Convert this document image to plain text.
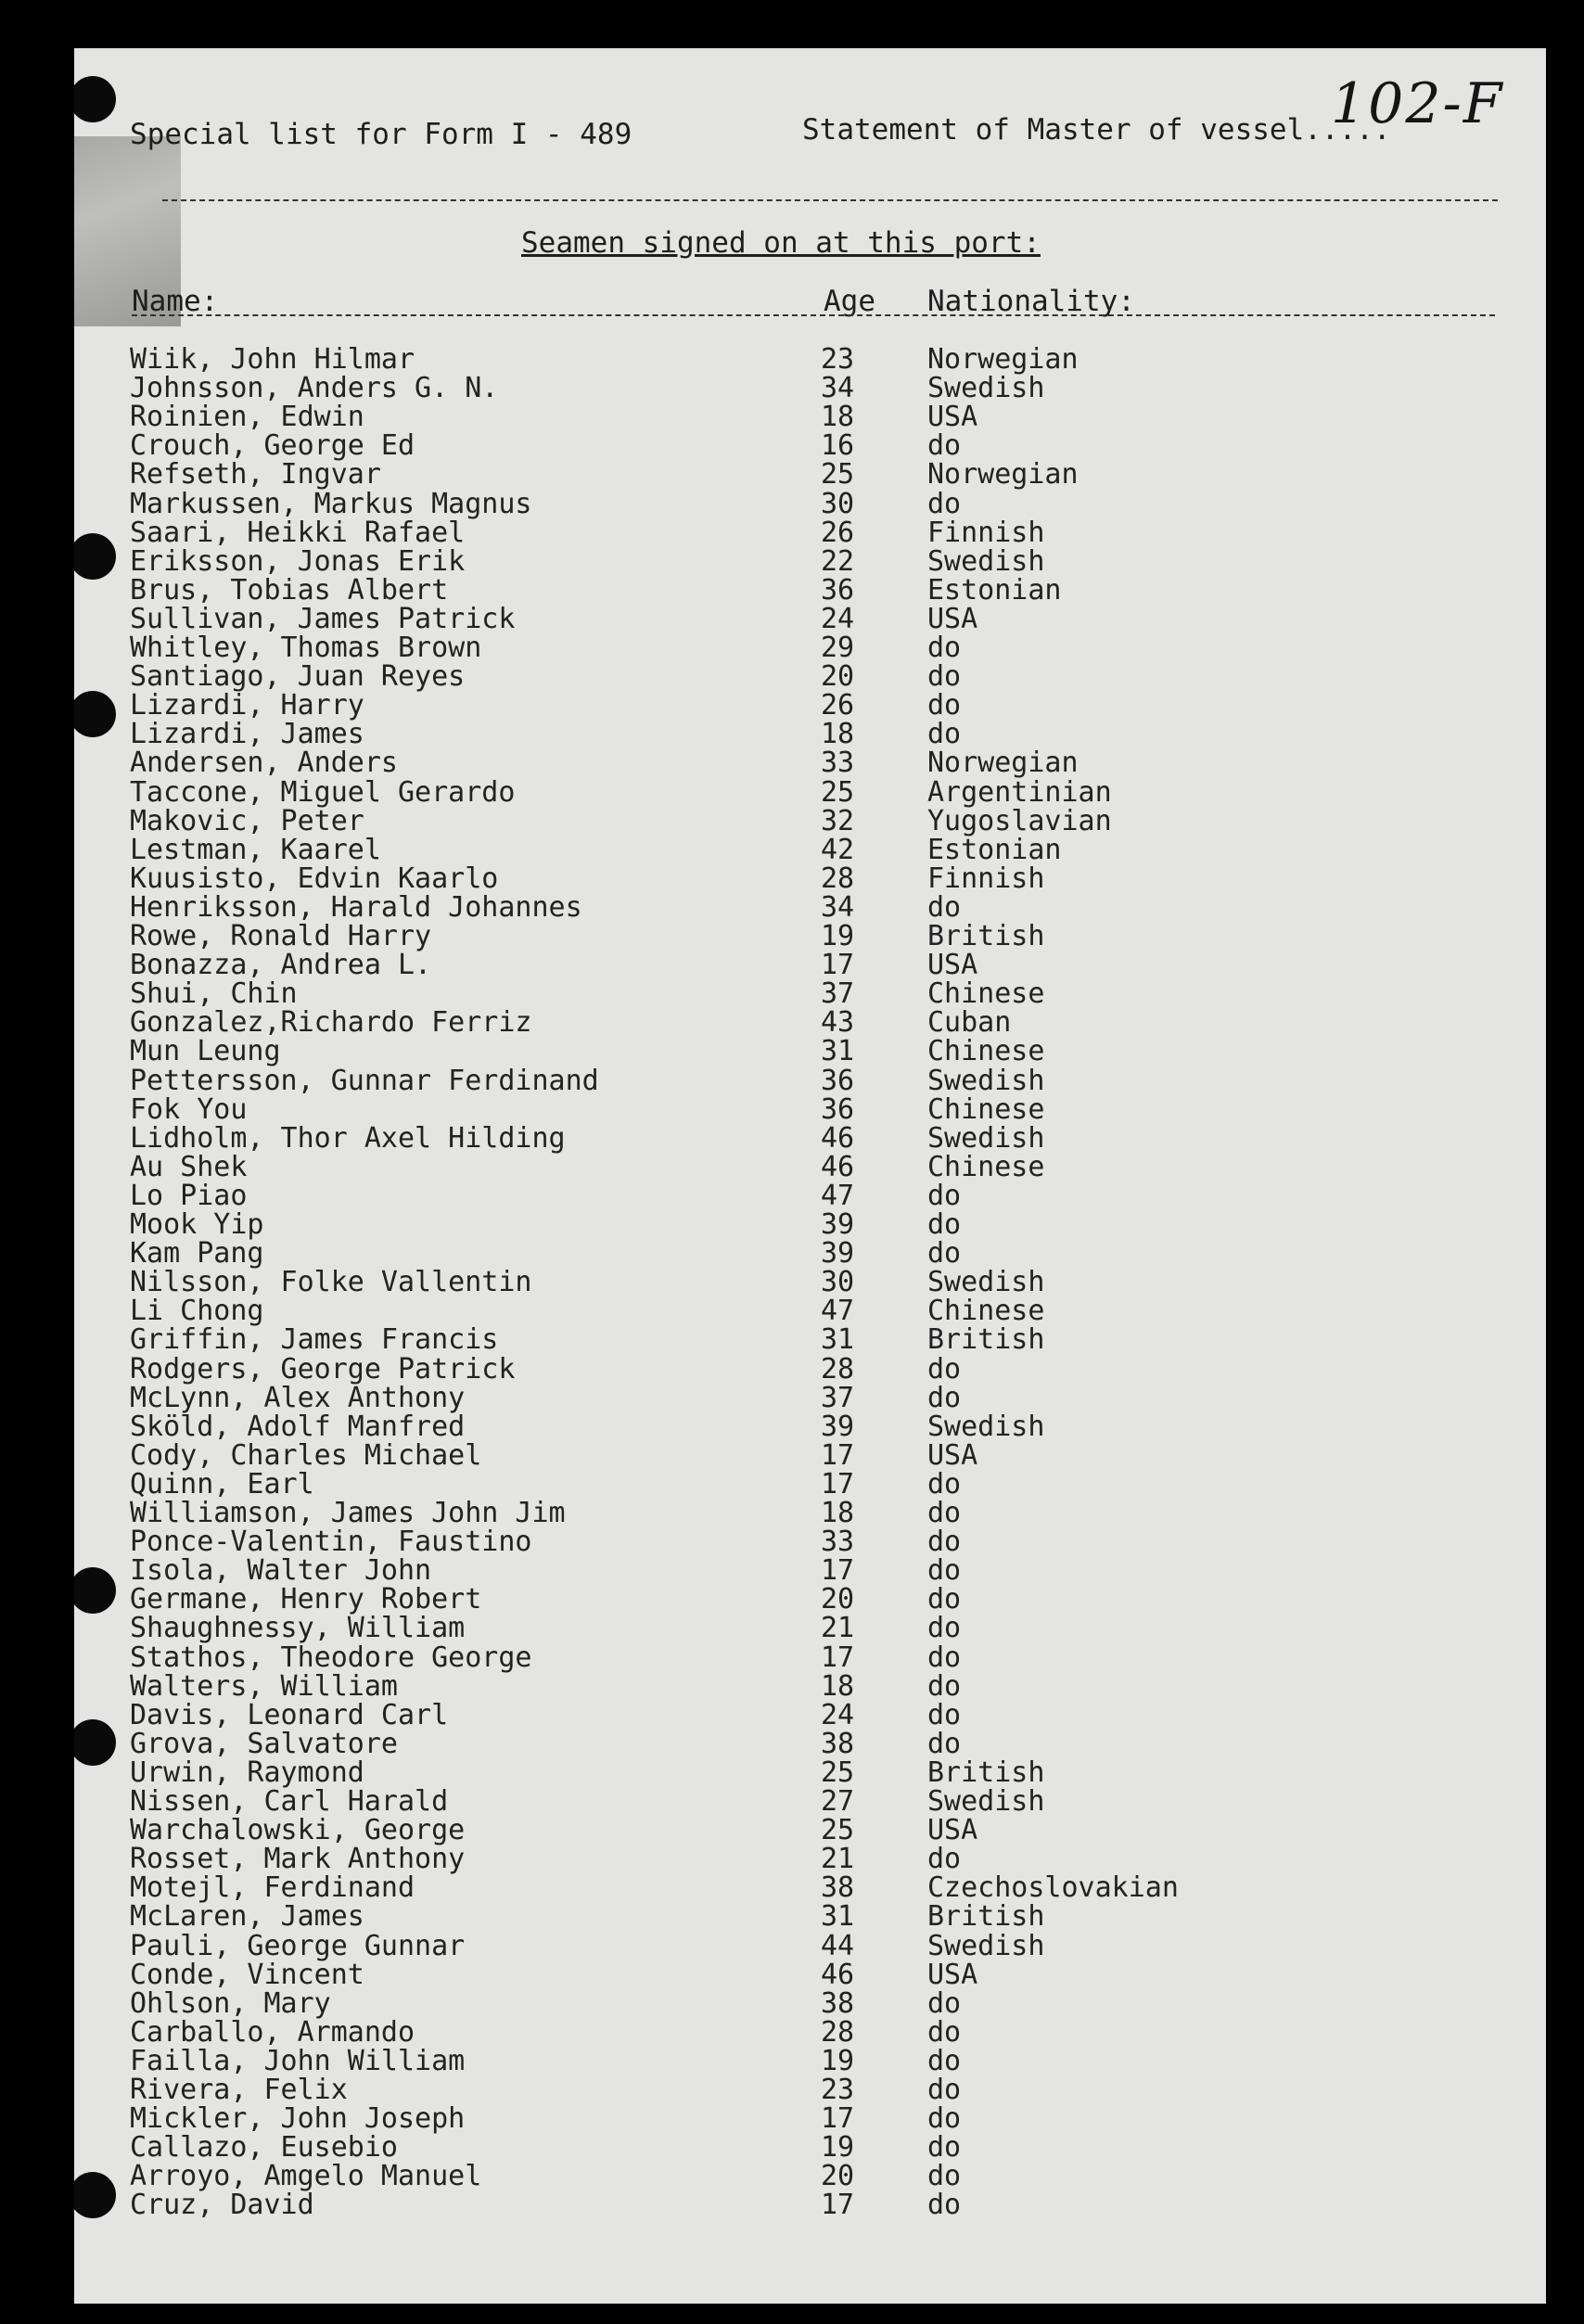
Special list for Form I - 489	Statement of Master of vessel.....
102-F
Seamen signed on at this port:
Name:	Age Nationality:
Wiik, John Hilmar	23	Norwegian
Johnsson, Anders G. N.	34	Swedish
Roinien, Edwin	18	USA
Crouch, George Ed	16	do
Refseth, Ingvar	25	Norwegian
Markussen, Markus Magnus	30	do
Saari, Heikki Rafael	26	Finnish
Eriksson, Jonas Erik	22	Swedish
Brus, Tobias Albert	36	Estonian
Sullivan, James Patrick	24	USA
Whitley, Thomas Brown	29	do
Santiago, Juan Reyes	20	do
Lizardi, Harry	26	do
Lizardi, James	18	do
Andersen, Anders	33	Norwegian
Taccone, Miguel Gerardo	25	Argentinian
Makovic, Peter	32	Yugoslavian
Lestman, Kaarel	42	Estonian
Kuusisto, Edvin Kaarlo	28	Finnish
Henriksson, Harald Johannes	34	do
Rowe, Ronald Harry	19	British
Bonazza, Andrea L.	17	USA
Shui, Chin	37	Chinese
Gonzalez,Richardo Ferriz	43	Cuban
Mun Leung	31	Chinese
Pettersson, Gunnar Ferdinand	36	Swedish
Fok You	36	Chinese
Lidholm, Thor Axel Hilding	46	Swedish
Au Shek	46	Chinese
Lo Piao	47	do
Mook Yip	39	do
Kam Pang	39	do
Nilsson, Folke Vallentin	30	Swedish
Li Chong	47	Chinese
Griffin, James Francis	31	British
Rodgers, George Patrick	28	do
McLynn, Alex Anthony	37	do
Sköld, Adolf Manfred	39	Swedish
Cody, Charles Michael	17	USA
Quinn, Earl	17	do
Williamson, James John Jim	18	do
Ponce-Valentin, Faustino	33	do
Isola, Walter John	17	do
Germane, Henry Robert	20	do
Shaughnessy, William	21	do
Stathos, Theodore George	17	do
Walters, William	18	do
Davis, Leonard Carl	24	do
Grova, Salvatore	38	do
Urwin, Raymond	25	British
Nissen, Carl Harald	27	Swedish
Warchalowski, George	25	USA
Rosset, Mark Anthony	21	do
Motejl, Ferdinand	38	Czechoslovakian
McLaren, James	31	British
Pauli, George Gunnar	44	Swedish
Conde, Vincent	46	USA
Ohlson, Mary	38	do
Carballo, Armando	28	do
Failla, John William	19	do
Rivera, Felix	23	do
Mickler, John Joseph	17	do
Callazo, Eusebio	19	do
Arroyo, Amgelo Manuel	20	do
Cruz, David	17	do
